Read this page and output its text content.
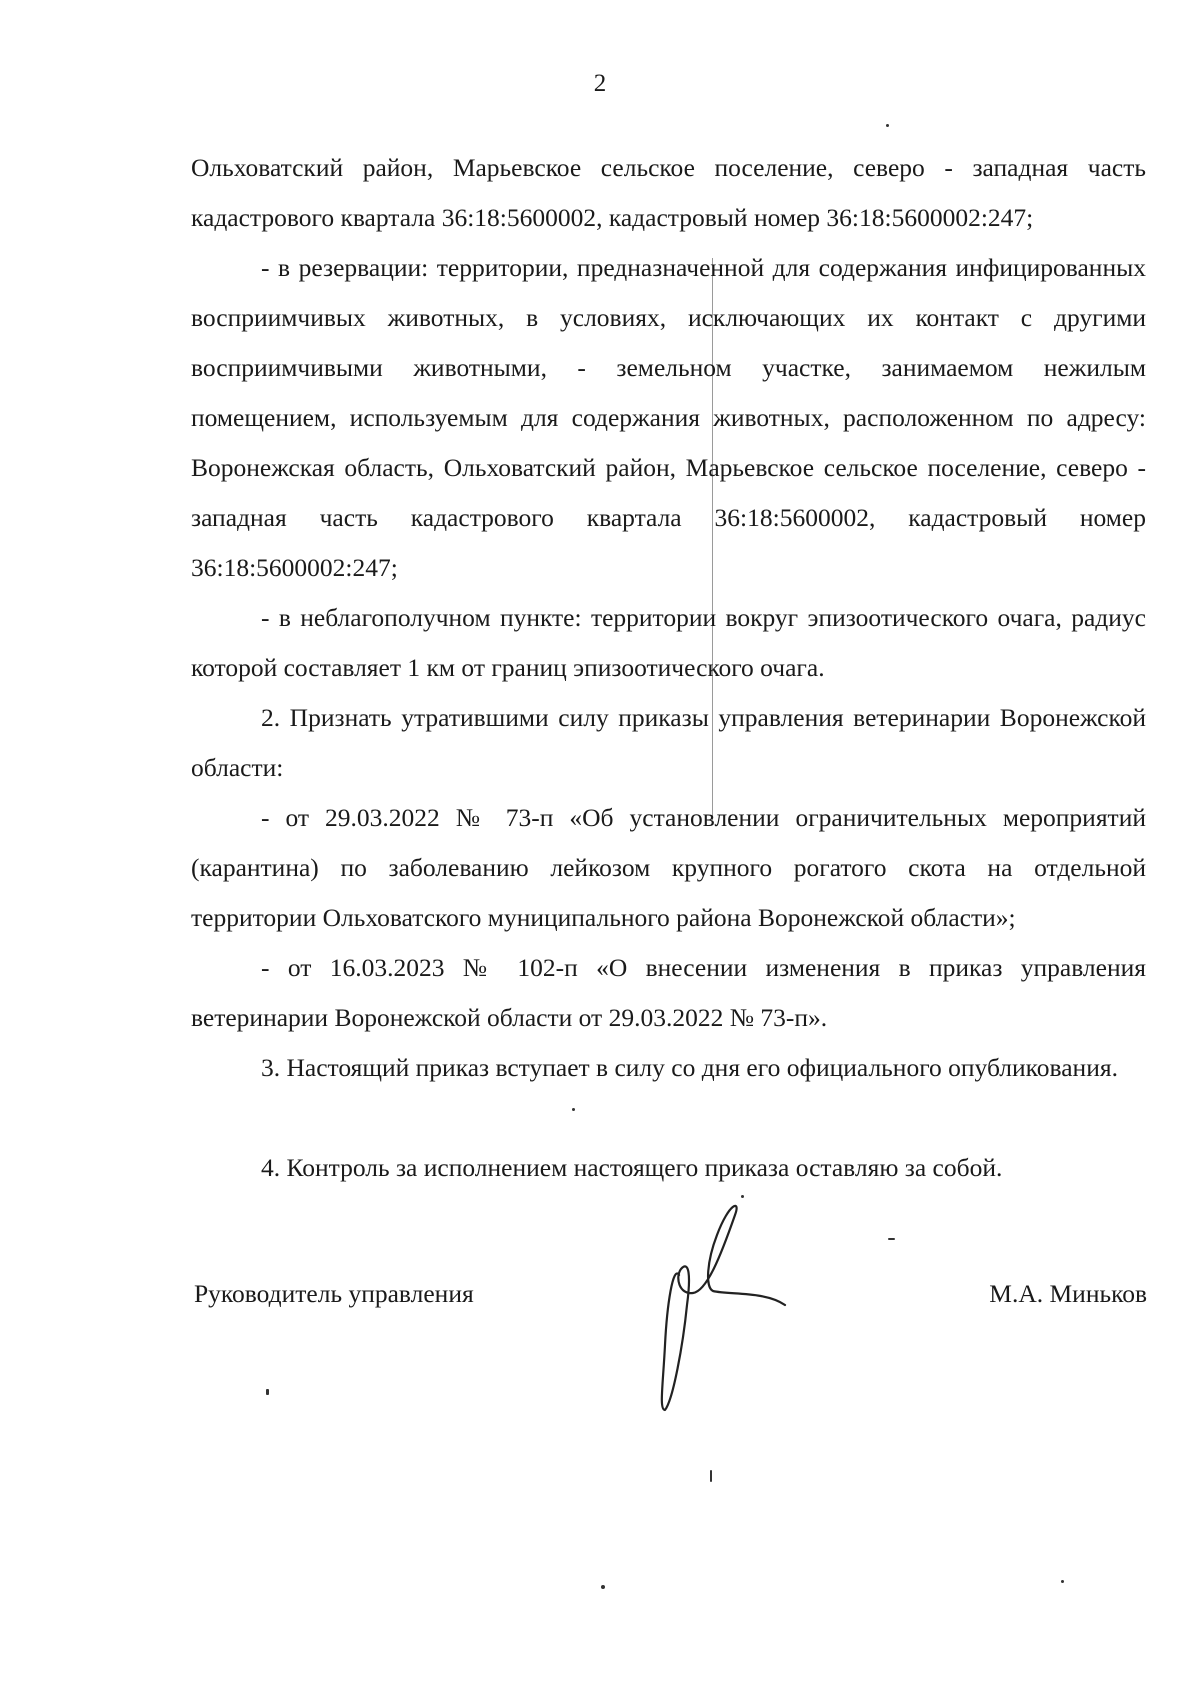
2

Ольховатский район, Марьевское сельское поселение, северо - западная часть кадастрового квартала 36:18:5600002, кадастровый номер 36:18:5600002:247;

- в резервации: территории, предназначенной для содержания инфицированных восприимчивых животных, в условиях, исключающих их контакт с другими восприимчивыми животными, - земельном участке, занимаемом нежилым помещением, используемым для содержания животных, расположенном по адресу: Воронежская область, Ольховатский район, Марьевское сельское поселение, северо - западная часть кадастрового квартала 36:18:5600002, кадастровый номер 36:18:5600002:247;

- в неблагополучном пункте: территории вокруг эпизоотического очага, радиус которой составляет 1 км от границ эпизоотического очага.

2. Признать утратившими силу приказы управления ветеринарии Воронежской области:

- от 29.03.2022 № 73-п «Об установлении ограничительных мероприятий (карантина) по заболеванию лейкозом крупного рогатого скота на отдельной территории Ольховатского муниципального района Воронежской области»;

- от 16.03.2023 № 102-п «О внесении изменения в приказ управления ветеринарии Воронежской области от 29.03.2022 № 73-п».

3. Настоящий приказ вступает в силу со дня его официального опубликования.

4. Контроль за исполнением настоящего приказа оставляю за собой.

Руководитель управления	М.А. Миньков
